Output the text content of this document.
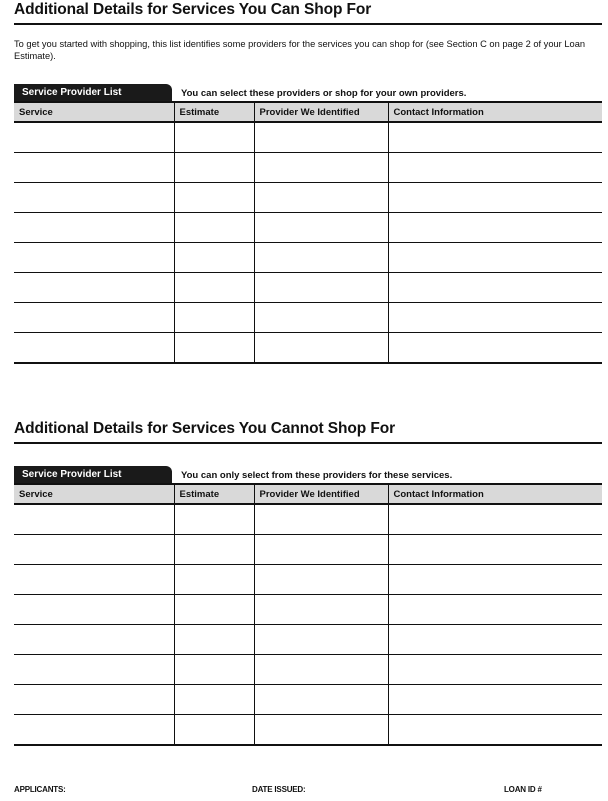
Additional Details for Services You Can Shop For
To get you started with shopping, this list identifies some providers for the services you can shop for (see Section C on page 2 of your Loan Estimate).
Service Provider List	You can select these providers or shop for your own providers.
Service	Estimate	Provider We Identified	Contact Information

Additional Details for Services You Cannot Shop For
Service Provider List	You can only select from these providers for these services.
Service	Estimate	Provider We Identified	Contact Information

APPLICANTS:	DATE ISSUED:	LOAN ID #
